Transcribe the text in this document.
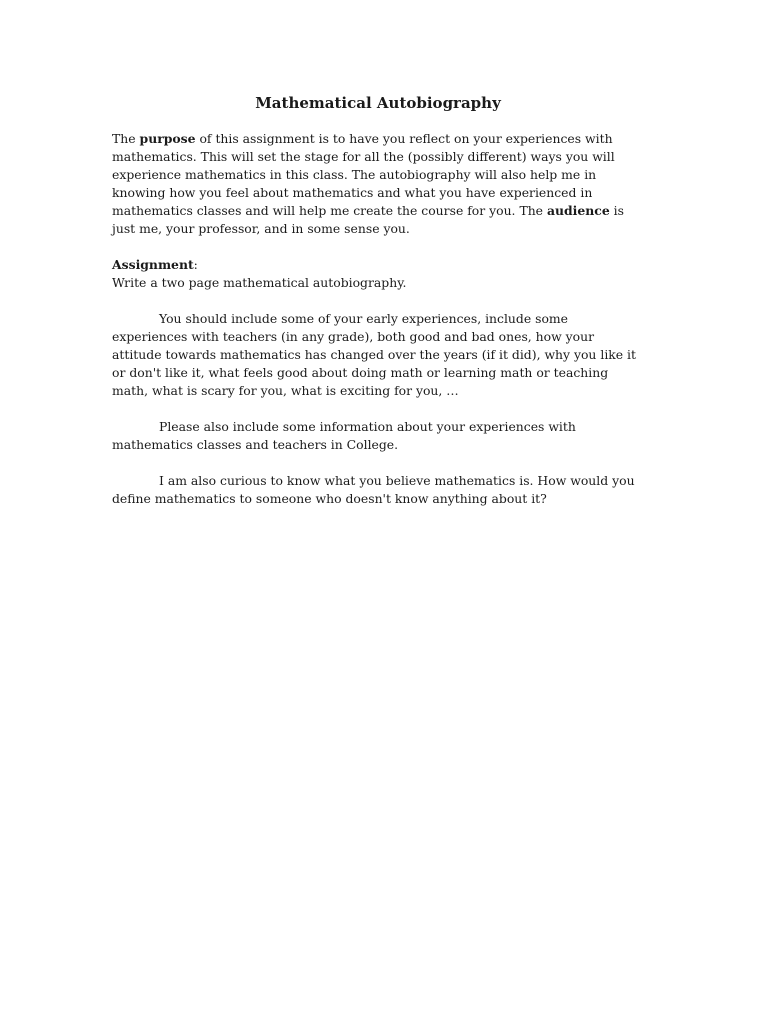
Mathematical Autobiography

The purpose of this assignment is to have you reflect on your experiences with mathematics. This will set the stage for all the (possibly different) ways you will experience mathematics in this class. The autobiography will also help me in knowing how you feel about mathematics and what you have experienced in mathematics classes and will help me create the course for you. The audience is just me, your professor, and in some sense you.

Assignment:

Write a two page mathematical autobiography.

You should include some of your early experiences, include some experiences with teachers (in any grade), both good and bad ones, how your attitude towards mathematics has changed over the years (if it did), why you like it or don't like it, what feels good about doing math or learning math or teaching math, what is scary for you, what is exciting for you, …

Please also include some information about your experiences with mathematics classes and teachers in College.

I am also curious to know what you believe mathematics is. How would you define mathematics to someone who doesn't know anything about it?
